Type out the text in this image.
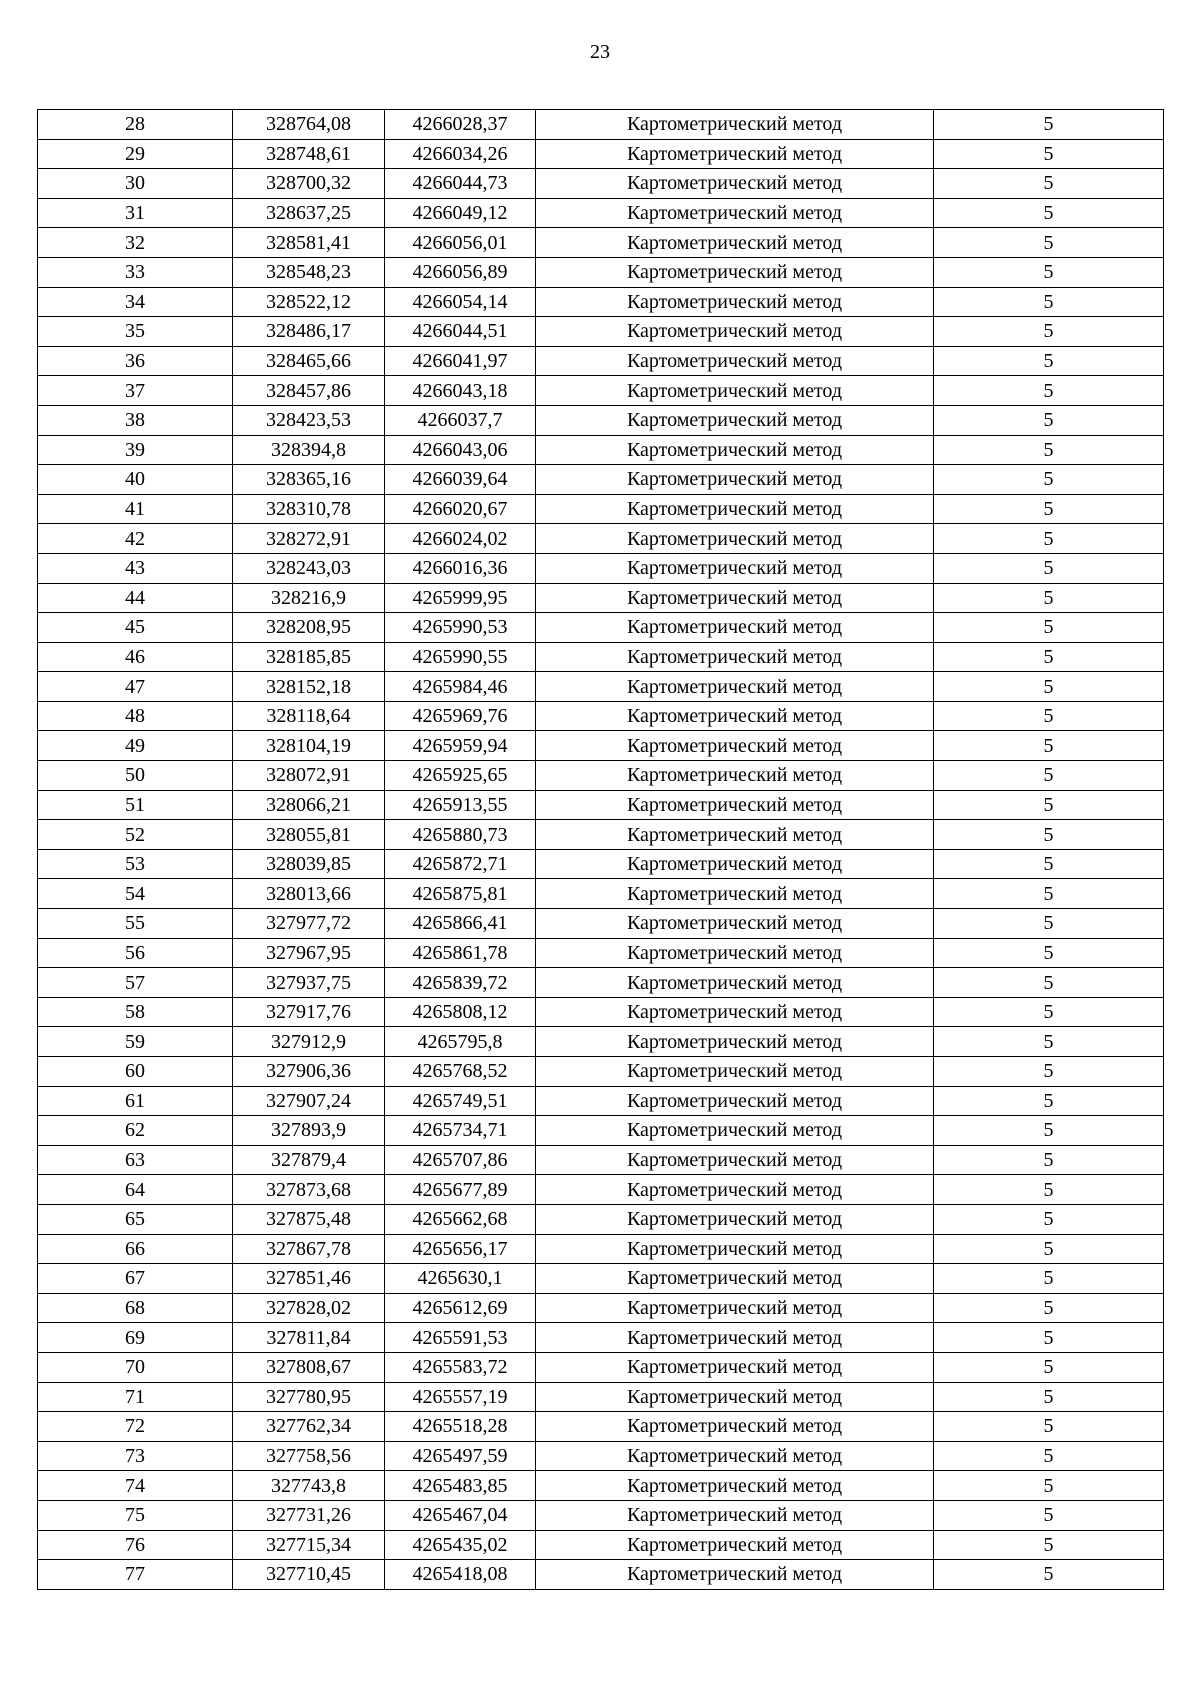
23
28	328764,08	4266028,37	Картометрический метод	5
29	328748,61	4266034,26	Картометрический метод	5
30	328700,32	4266044,73	Картометрический метод	5
31	328637,25	4266049,12	Картометрический метод	5
32	328581,41	4266056,01	Картометрический метод	5
33	328548,23	4266056,89	Картометрический метод	5
34	328522,12	4266054,14	Картометрический метод	5
35	328486,17	4266044,51	Картометрический метод	5
36	328465,66	4266041,97	Картометрический метод	5
37	328457,86	4266043,18	Картометрический метод	5
38	328423,53	4266037,7	Картометрический метод	5
39	328394,8	4266043,06	Картометрический метод	5
40	328365,16	4266039,64	Картометрический метод	5
41	328310,78	4266020,67	Картометрический метод	5
42	328272,91	4266024,02	Картометрический метод	5
43	328243,03	4266016,36	Картометрический метод	5
44	328216,9	4265999,95	Картометрический метод	5
45	328208,95	4265990,53	Картометрический метод	5
46	328185,85	4265990,55	Картометрический метод	5
47	328152,18	4265984,46	Картометрический метод	5
48	328118,64	4265969,76	Картометрический метод	5
49	328104,19	4265959,94	Картометрический метод	5
50	328072,91	4265925,65	Картометрический метод	5
51	328066,21	4265913,55	Картометрический метод	5
52	328055,81	4265880,73	Картометрический метод	5
53	328039,85	4265872,71	Картометрический метод	5
54	328013,66	4265875,81	Картометрический метод	5
55	327977,72	4265866,41	Картометрический метод	5
56	327967,95	4265861,78	Картометрический метод	5
57	327937,75	4265839,72	Картометрический метод	5
58	327917,76	4265808,12	Картометрический метод	5
59	327912,9	4265795,8	Картометрический метод	5
60	327906,36	4265768,52	Картометрический метод	5
61	327907,24	4265749,51	Картометрический метод	5
62	327893,9	4265734,71	Картометрический метод	5
63	327879,4	4265707,86	Картометрический метод	5
64	327873,68	4265677,89	Картометрический метод	5
65	327875,48	4265662,68	Картометрический метод	5
66	327867,78	4265656,17	Картометрический метод	5
67	327851,46	4265630,1	Картометрический метод	5
68	327828,02	4265612,69	Картометрический метод	5
69	327811,84	4265591,53	Картометрический метод	5
70	327808,67	4265583,72	Картометрический метод	5
71	327780,95	4265557,19	Картометрический метод	5
72	327762,34	4265518,28	Картометрический метод	5
73	327758,56	4265497,59	Картометрический метод	5
74	327743,8	4265483,85	Картометрический метод	5
75	327731,26	4265467,04	Картометрический метод	5
76	327715,34	4265435,02	Картометрический метод	5
77	327710,45	4265418,08	Картометрический метод	5
